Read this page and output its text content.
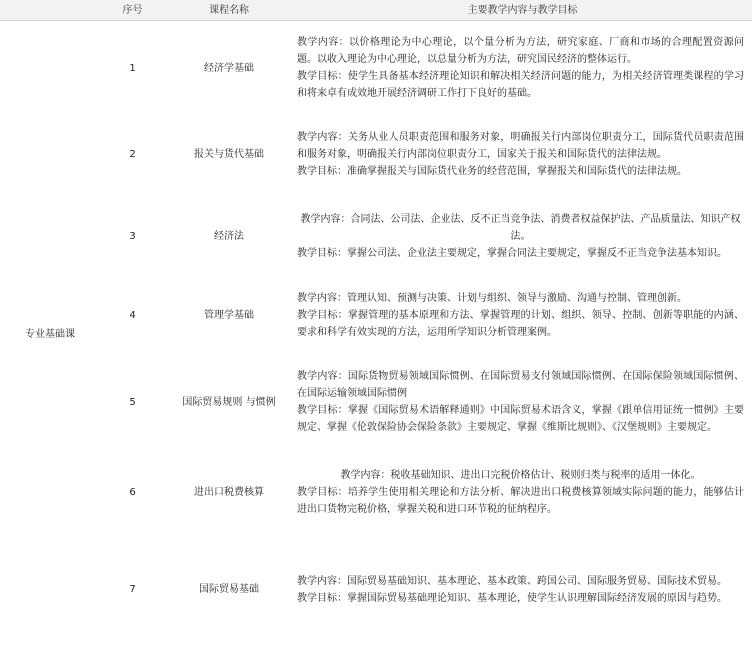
	序号	课程名称	主要教学内容与教学目标
专业基础课	1	经济学基础	教学内容：以价格理论为中心理论，以个量分析为方法，研究家庭、厂商和市场的合理配置资源问题。以收入理论为中心理论，以总量分析为方法，研究国民经济的整体运行。
教学目标：使学生具备基本经济理论知识和解决相关经济问题的能力，为相关经济管理类课程的学习和将来卓有成效地开展经济调研工作打下良好的基础。

	2	报关与货代基础	教学内容：关务从业人员职责范围和服务对象，明确报关行内部岗位职责分工，国际货代员职责范围和服务对象，明确报关行内部岗位职责分工，国家关于报关和国际货代的法律法规。
教学目标：准确掌握报关与国际货代业务的经营范围，掌握报关和国际货代的法律法规。

	3	经济法	教学内容：合同法、公司法、企业法、反不正当竞争法、消费者权益保护法、产品质量法、知识产权法。
教学目标：掌握公司法、企业法主要规定，掌握合同法主要规定，掌握反不正当竞争法基本知识。

	4	管理学基础	教学内容：管理认知、预测与决策、计划与组织、领导与激励、沟通与控制、管理创新。
教学目标：掌握管理的基本原理和方法、掌握管理的计划、组织、领导、控制、创新等职能的内涵、要求和科学有效实现的方法，运用所学知识分析管理案例。

	5	国际贸易规则 与惯例	教学内容：国际货物贸易领域国际惯例、在国际贸易支付领域国际惯例、在国际保险领域国际惯例、在国际运输领域国际惯例
教学目标：掌握《国际贸易术语解释通则》中国际贸易术语含义，掌握《跟单信用证统一惯例》主要规定、掌握《伦敦保险协会保险条款》主要规定、掌握《维斯比规则》、《汉堡规则》主要规定。

	6	进出口税费核算	教学内容：税收基础知识、进出口完税价格估计、税则归类与税率的适用一体化。
教学目标：培养学生使用相关理论和方法分析、解决进出口税费核算领域实际问题的能力，能够估计进出口货物完税价格，掌握关税和进口环节税的征纳程序。

	7	国际贸易基础	教学内容：国际贸易基础知识、基本理论、基本政策、跨国公司、国际服务贸易、国际技术贸易。
教学目标：掌握国际贸易基础理论知识、基本理论，使学生认识理解国际经济发展的原因与趋势。
